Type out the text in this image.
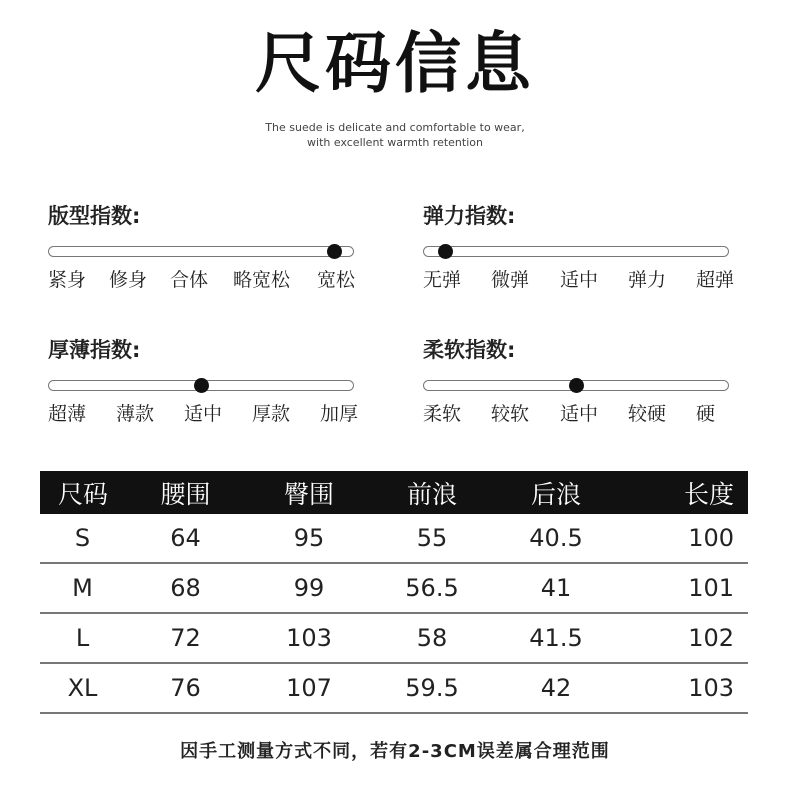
尺码信息
The suede is delicate and comfortable to wear,
with excellent warmth retention
版型指数:
紧身 修身 合体 略宽松 宽松
弹力指数:
无弹 微弹 适中 弹力 超弹
厚薄指数:
超薄 薄款 适中 厚款 加厚
柔软指数:
柔软 较软 适中 较硬 硬
尺码	腰围	臀围	前浪	后浪	长度
S	64	95	55	40.5	100
M	68	99	56.5	41	101
L	72	103	58	41.5	102
XL	76	107	59.5	42	103
因手工测量方式不同，若有2-3CM误差属合理范围
